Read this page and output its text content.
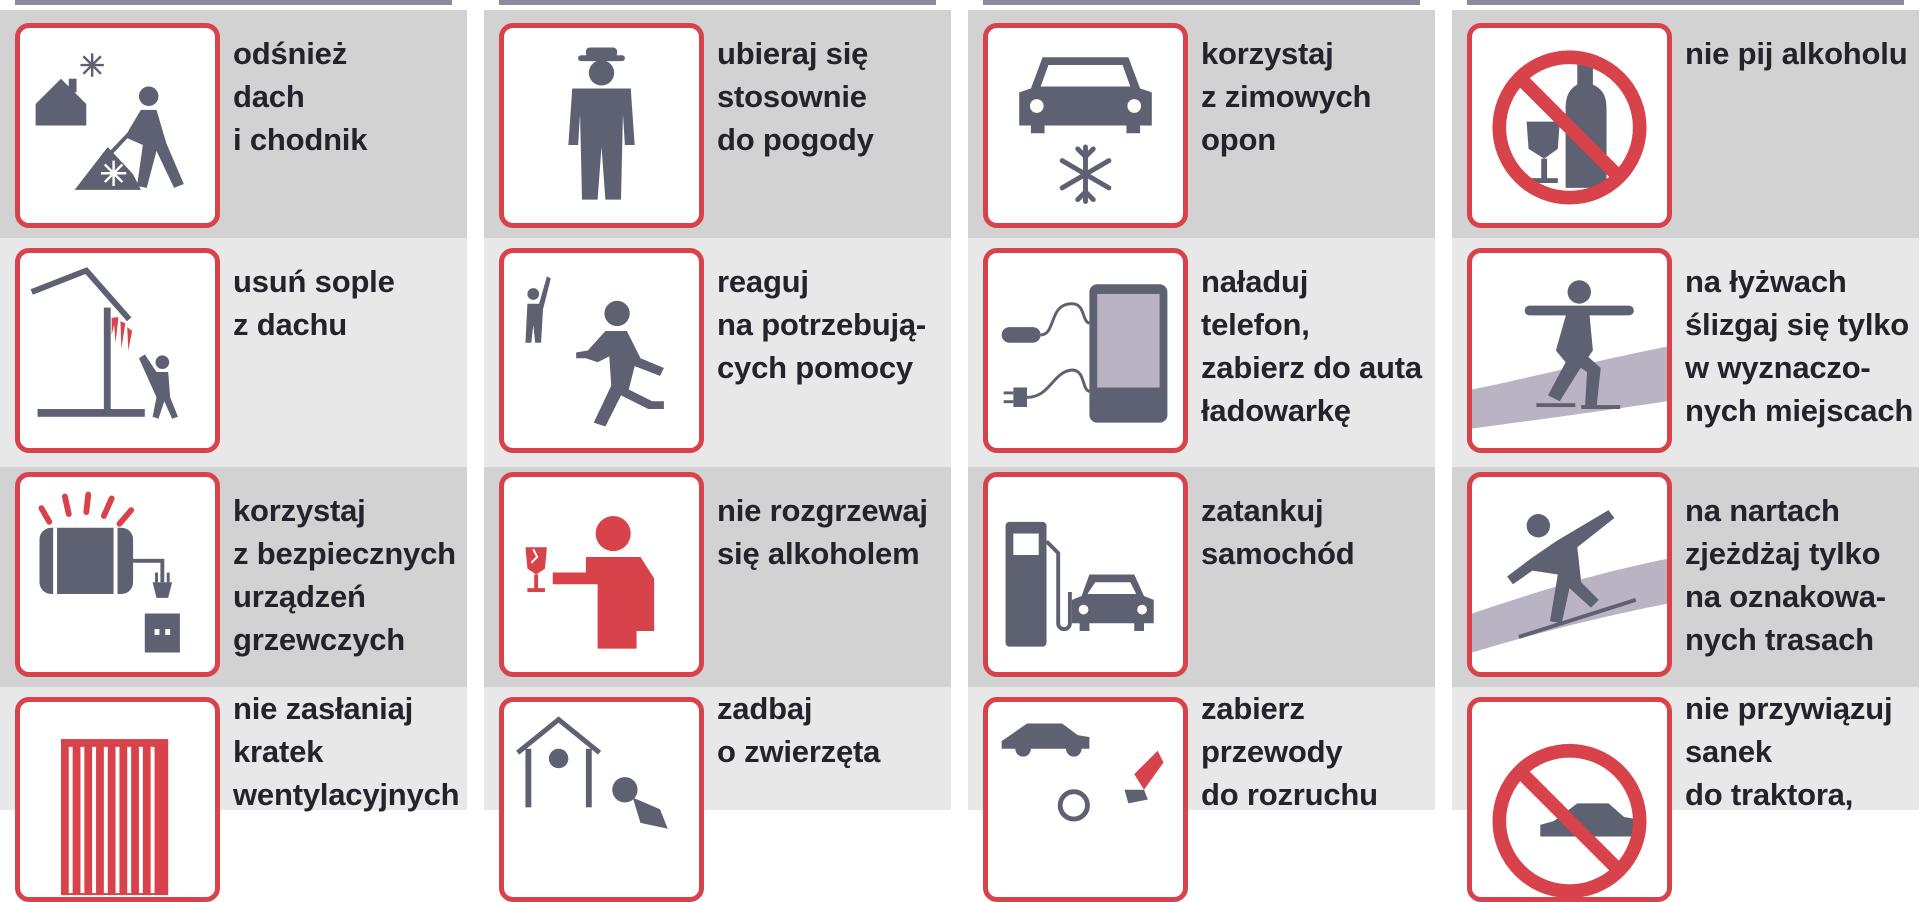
odśnież
dach
i chodnik
usuń sople
z dachu
korzystaj
z bezpiecznych
urządzeń
grzewczych
nie zasłaniaj
kratek
wentylacyjnych
ubieraj się
stosownie
do pogody
reaguj
na potrzebują-
cych pomocy
nie rozgrzewaj
się alkoholem
zadbaj
o zwierzęta
korzystaj
z zimowych
opon
naładuj
telefon,
zabierz do auta
ładowarkę
zatankuj
samochód
zabierz
przewody
do rozruchu
nie pij alkoholu
na łyżwach
ślizgaj się tylko
w wyznaczo-
nych miejscach
na nartach
zjeżdżaj tylko
na oznakowa-
nych trasach
nie przywiązuj
sanek
do traktora,
